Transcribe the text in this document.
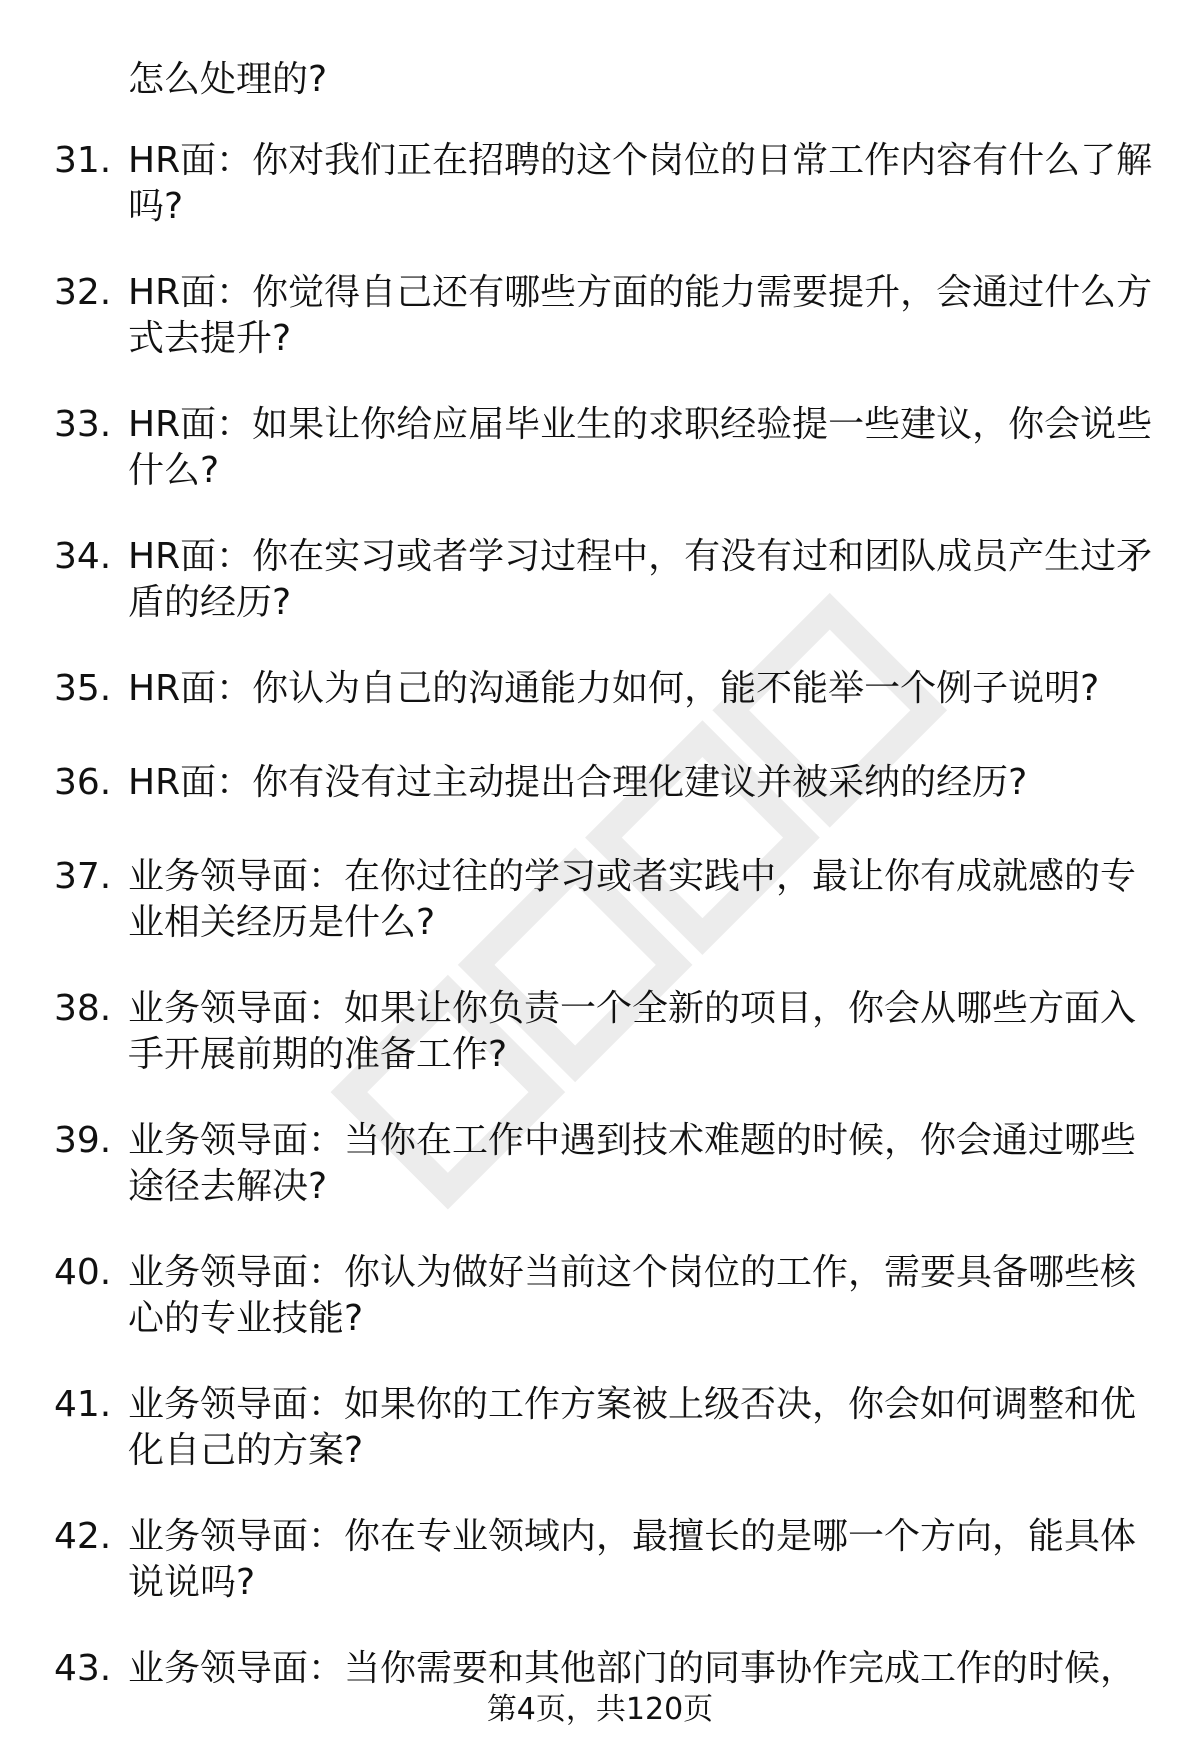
怎么处理的?
31. HR面：你对我们正在招聘的这个岗位的日常工作内容有什么了解吗?
32. HR面：你觉得自己还有哪些方面的能力需要提升，会通过什么方式去提升?
33. HR面：如果让你给应届毕业生的求职经验提一些建议，你会说些什么?
34. HR面：你在实习或者学习过程中，有没有过和团队成员产生过矛盾的经历?
35. HR面：你认为自己的沟通能力如何，能不能举一个例子说明?
36. HR面：你有没有过主动提出合理化建议并被采纳的经历?
37. 业务领导面：在你过往的学习或者实践中，最让你有成就感的专业相关经历是什么?
38. 业务领导面：如果让你负责一个全新的项目，你会从哪些方面入手开展前期的准备工作?
39. 业务领导面：当你在工作中遇到技术难题的时候，你会通过哪些途径去解决?
40. 业务领导面：你认为做好当前这个岗位的工作，需要具备哪些核心的专业技能?
41. 业务领导面：如果你的工作方案被上级否决，你会如何调整和优化自己的方案?
42. 业务领导面：你在专业领域内，最擅长的是哪一个方向，能具体说说吗?
43. 业务领导面：当你需要和其他部门的同事协作完成工作的时候，
第4页，共120页
